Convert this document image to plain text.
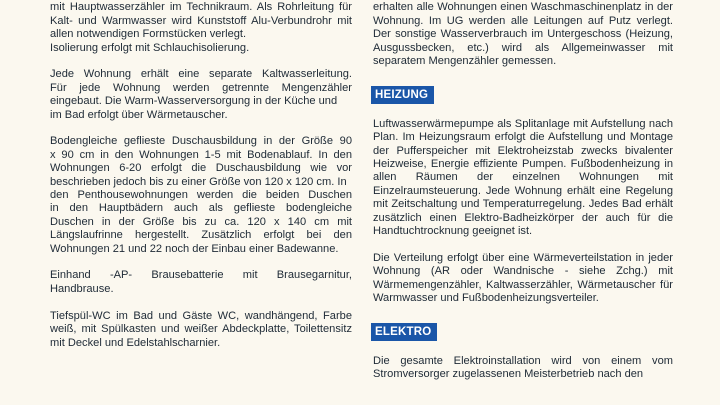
mit Hauptwasserzähler im Technikraum. Als Rohrleitung für Kalt- und Warmwasser wird Kunststoff Alu-Verbundrohr mit allen notwendigen Formstücken verlegt.
Isolierung erfolgt mit Schlauchisolierung.

Jede Wohnung erhält eine separate Kaltwasserleitung.
Für jede Wohnung werden getrennte Mengenzähler eingebaut. Die Warm-Wasserversorgung in der Küche und
im Bad erfolgt über Wärmetauscher.

Bodengleiche geflieste Duschausbildung in der Größe 90
x 90 cm in den Wohnungen 1-5 mit Bodenablauf. In den
Wohnungen 6-20 erfolgt die Duschausbildung wie vor beschrieben jedoch bis zu einer Größe von 120 x 120 cm. In
den Penthousewohnungen werden die beiden Duschen
in den Hauptbädern auch als geflieste bodengleiche Duschen in der Größe bis zu ca. 120 x 140 cm mit Längslaufrinne hergestellt. Zusätzlich erfolgt bei den Wohnungen 21 und 22 noch der Einbau einer Badewanne.

Einhand -AP- Brausebatterie mit Brausegarnitur, Handbrause.

Tiefspül-WC im Bad und Gäste WC, wandhängend, Farbe weiß, mit Spülkasten und weißer Abdeckplatte, Toilettensitz mit Deckel und Edelstahlscharnier.

erhalten alle Wohnungen einen Waschmaschinenplatz in der Wohnung. Im UG werden alle Leitungen auf Putz verlegt. Der sonstige Wasserverbrauch im Untergeschoss (Heizung, Ausgussbecken, etc.) wird als Allgemeinwasser mit separatem Mengenzähler gemessen.

HEIZUNG

Luftwasserwärmepumpe als Splitanlage mit Aufstellung nach Plan. Im Heizungsraum erfolgt die Aufstellung und Montage der Pufferspeicher mit Elektroheizstab zwecks bivalenter Heizweise, Energie effiziente Pumpen. Fußbodenheizung in allen Räumen der einzelnen Wohnungen mit Einzelraumsteuerung. Jede Wohnung erhält eine Regelung mit Zeitschaltung und Temperaturregelung. Jedes Bad erhält zusätzlich einen Elektro-Badheizkörper der auch für die Handtuchtrocknung geeignet ist.

Die Verteilung erfolgt über eine Wärmeverteilstation in jeder Wohnung (AR oder Wandnische - siehe Zchg.) mit Wärmemengenzähler, Kaltwasserzähler, Wärmetauscher für Warmwasser und Fußbodenheizungsverteiler.

ELEKTRO

Die gesamte Elektroinstallation wird von einem vom Stromversorger zugelassenen Meisterbetrieb nach den
